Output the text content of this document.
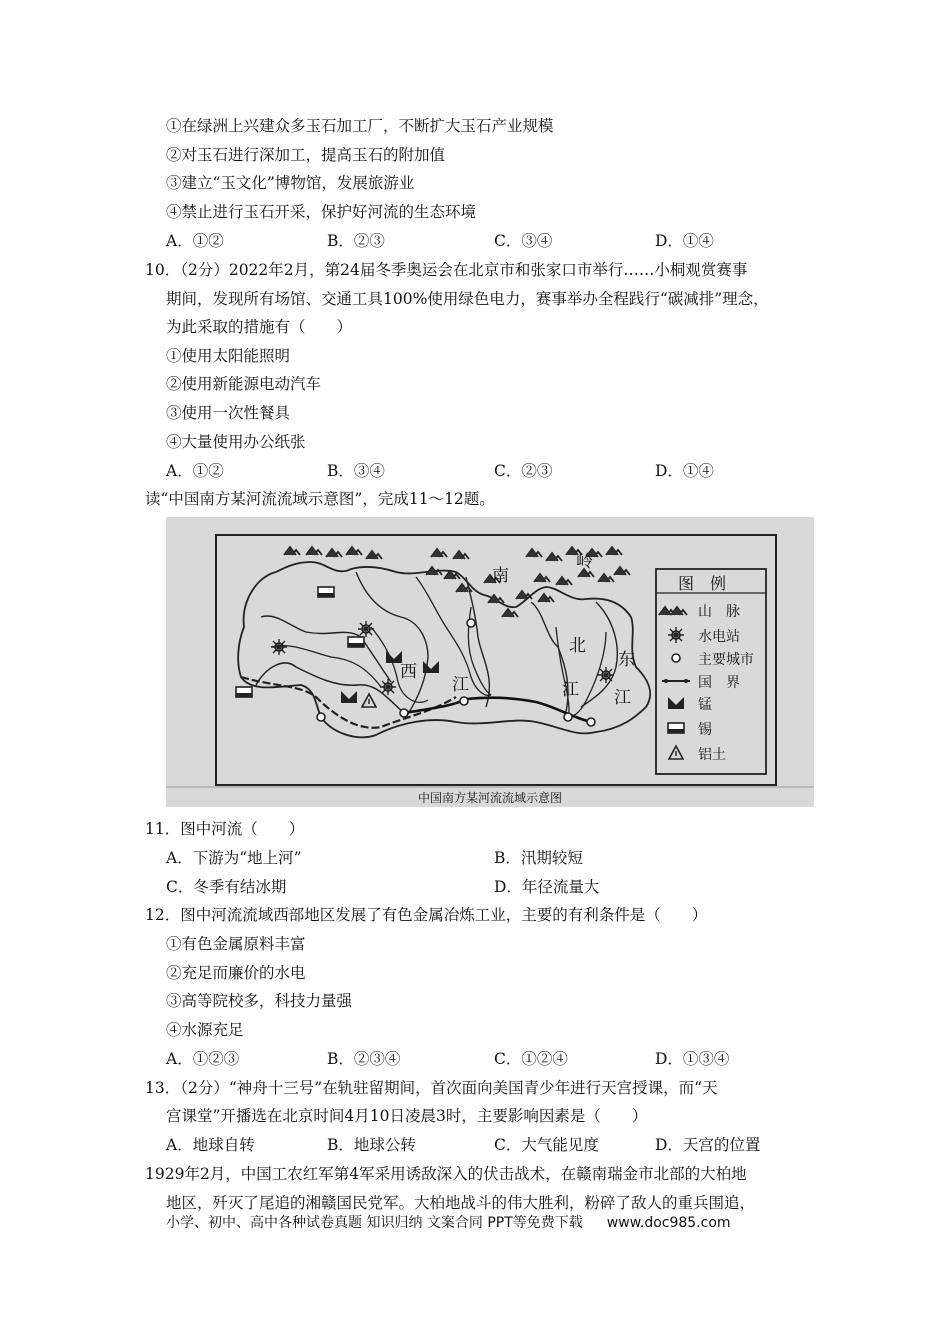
①在绿洲上兴建众多玉石加工厂，不断扩大玉石产业规模
②对玉石进行深加工，提高玉石的附加值
③建立“玉文化”博物馆，发展旅游业
④禁止进行玉石开采，保护好河流的生态环境
A．①②	B．②③	C．③④	D．①④
10．（2分）2022年2月，第24届冬季奥运会在北京市和张家口市举行……小桐观赏赛事
期间，发现所有场馆、交通工具100%使用绿色电力，赛事举办全程践行“碳减排”理念，
为此采取的措施有（　　）
①使用太阳能照明
②使用新能源电动汽车
③使用一次性餐具
④大量使用办公纸张
A．①②	B．③④	C．②③	D．①④
读“中国南方某河流流域示意图”，完成11～12题。
南
岭
西
江
北
江
东
江
图　例
山　脉
水电站
主要城市
国　界
锰
锡
铝土
中国南方某河流流域示意图
11．图中河流（　　）
A．下游为“地上河”	B．汛期较短
C．冬季有结冰期	D．年径流量大
12．图中河流流域西部地区发展了有色金属冶炼工业，主要的有利条件是（　　）
①有色金属原料丰富
②充足而廉价的水电
③高等院校多，科技力量强
④水源充足
A．①②③	B．②③④	C．①②④	D．①③④
13．（2分）“神舟十三号”在轨驻留期间，首次面向美国青少年进行天宫授课，而“天
宫课堂”开播选在北京时间4月10日凌晨3时，主要影响因素是（　　）
A．地球自转	B．地球公转	C．大气能见度	D．天宫的位置
1929年2月，中国工农红军第4军采用诱敌深入的伏击战术，在赣南瑞金市北部的大柏地
地区，歼灭了尾追的湘赣国民党军。大柏地战斗的伟大胜利，粉碎了敌人的重兵围追，
小学、初中、高中各种试卷真题 知识归纳 文案合同 PPT等免费下载 www.doc985.com
